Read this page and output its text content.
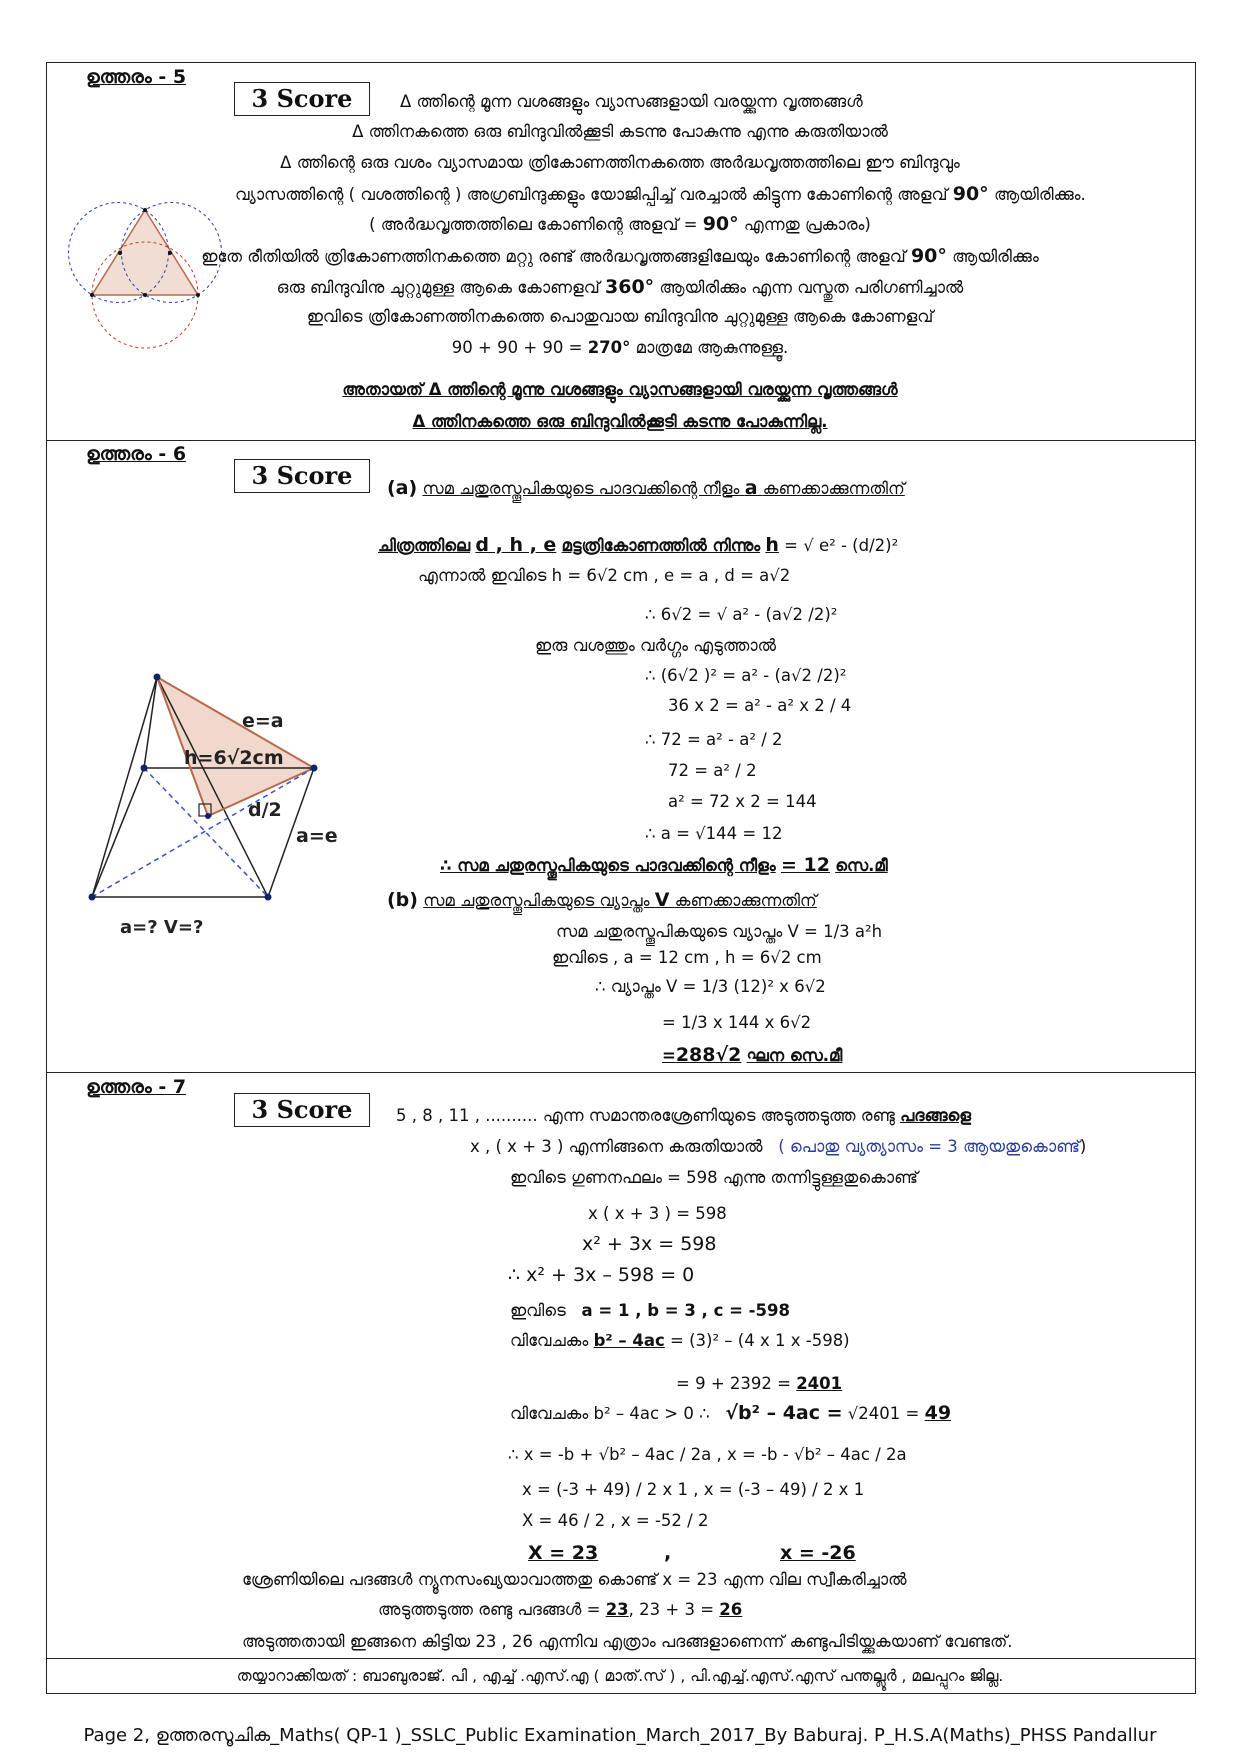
ഉത്തരം - 5
3 Score	Δ ത്തിന്റെ മൂന്ന വശങ്ങളും വ്യാസങ്ങളായി വരയ്ക്കുന്ന വൃത്തങ്ങൾ
Δ ത്തിനകത്തെ ഒരു ബിന്ദുവിൽക്കൂടി കടന്നു പോകുന്നു എന്നു കരുതിയാൽ
Δ ത്തിന്റെ ഒരു വശം വ്യാസമായ ത്രികോണത്തിനകത്തെ അർദ്ധവൃത്തത്തിലെ ഈ ബിന്ദുവും
വ്യാസത്തിന്റെ ( വശത്തിന്റെ ) അഗ്രബിന്ദുക്കളും യോജിപ്പിച്ച് വരച്ചാൽ കിട്ടുന്ന കോണിന്റെ അളവ് 90° ആയിരിക്കും.
( അർദ്ധവൃത്തത്തിലെ കോണിന്റെ അളവ് = 90° എന്നതു പ്രകാരം)
ഇതേ രീതിയിൽ ത്രികോണത്തിനകത്തെ മറ്റു രണ്ട് അർദ്ധവൃത്തങ്ങളിലേയും കോണിന്റെ അളവ് 90° ആയിരിക്കും
ഒരു ബിന്ദുവിനു ചുറ്റുമുള്ള ആകെ കോണളവ് 360° ആയിരിക്കും എന്ന വസ്തുത പരിഗണിച്ചാൽ
ഇവിടെ ത്രികോണത്തിനകത്തെ പൊതുവായ ബിന്ദുവിനു ചുറ്റുമുള്ള ആകെ കോണളവ്
90 + 90 + 90 = 270° മാത്രമേ ആകുന്നുള്ളൂ.
അതായത് Δ ത്തിന്റെ മൂന്നു വശങ്ങളും വ്യാസങ്ങളായി വരയ്ക്കുന്ന വൃത്തങ്ങൾ
Δ ത്തിനകത്തെ ഒരു ബിന്ദുവിൽക്കൂടി കടന്നു പോകുന്നില്ല.
ഉത്തരം - 6
3 Score
e=a
h=6√2cm
d/2
a=e
a=? V=?
(a) സമ ചതുരസ്തൂപികയുടെ പാദവക്കിന്റെ നീളം a കണക്കാക്കുന്നതിന്
ചിത്രത്തിലെ d , h , e മട്ടത്രികോണത്തിൽ നിന്നും h = √ e² - (d/2)²
എന്നാൽ ഇവിടെ h = 6√2 cm , e = a , d = a√2
∴ 6√2 = √ a² - (a√2 /2)²
ഇരു വശത്തും വർഗ്ഗം എടുത്താൽ
∴ (6√2 )² = a² - (a√2 /2)²
36 x 2 = a² - a² x 2 / 4
∴ 72 = a² - a² / 2
72 = a² / 2
a² = 72 x 2 = 144
∴ a = √144 = 12
∴ സമ ചതുരസ്തൂപികയുടെ പാദവക്കിന്റെ നീളം = 12 സെ.മീ
(b) സമ ചതുരസ്തൂപികയുടെ വ്യാപ്തം V കണക്കാക്കുന്നതിന്
സമ ചതുരസ്തൂപികയുടെ വ്യാപ്തം V = 1/3 a²h
ഇവിടെ , a = 12 cm , h = 6√2 cm
∴ വ്യാപ്തം V = 1/3 (12)² x 6√2
= 1/3 x 144 x 6√2
=288√2 ഘന സെ.മീ
ഉത്തരം - 7
3 Score	5 , 8 , 11 , .......... എന്ന സമാന്തരശ്രേണിയുടെ അടുത്തടുത്ത രണ്ടു പദങ്ങളെ
x , ( x + 3 ) എന്നിങ്ങനെ കരുതിയാൽ ( പൊതു വ്യത്യാസം = 3 ആയതുകൊണ്ട്)
ഇവിടെ ഗുണനഫലം = 598 എന്നു തന്നിട്ടുള്ളതുകൊണ്ട്
x ( x + 3 ) = 598
x² + 3x = 598
∴ x² + 3x – 598 = 0
ഇവിടെ a = 1 , b = 3 , c = -598
വിവേചകം b² – 4ac = (3)² – (4 x 1 x -598)
= 9 + 2392 = 2401
വിവേചകം b² – 4ac > 0 ∴ √b² – 4ac = √2401 = 49
∴ x = -b + √b² – 4ac / 2a , x = -b - √b² – 4ac / 2a
x = (-3 + 49) / 2 x 1 , x = (-3 – 49) / 2 x 1
X = 46 / 2 , x = -52 / 2
X = 23	,	x = -26
ശ്രേണിയിലെ പദങ്ങൾ ന്യൂനസംഖ്യയാവാത്തതു കൊണ്ട് x = 23 എന്ന വില സ്വീകരിച്ചാൽ
അടുത്തടുത്ത രണ്ടു പദങ്ങൾ = 23, 23 + 3 = 26
അടുത്തതായി ഇങ്ങനെ കിട്ടിയ 23 , 26 എന്നിവ എത്രാം പദങ്ങളാണെന്ന് കണ്ടുപിടിയ്ക്കുകയാണ് വേണ്ടത്.
തയ്യാറാക്കിയത് : ബാബുരാജ്. പി , എച്ച് .എസ്.എ ( മാത്.സ് ) , പി.എച്ച്.എസ്.എസ് പന്തല്ലൂർ , മലപ്പുറം ജില്ല.
Page 2, ഉത്തരസൂചിക_Maths( QP-1 )_SSLC_Public Examination_March_2017_By Baburaj. P_H.S.A(Maths)_PHSS Pandallur
